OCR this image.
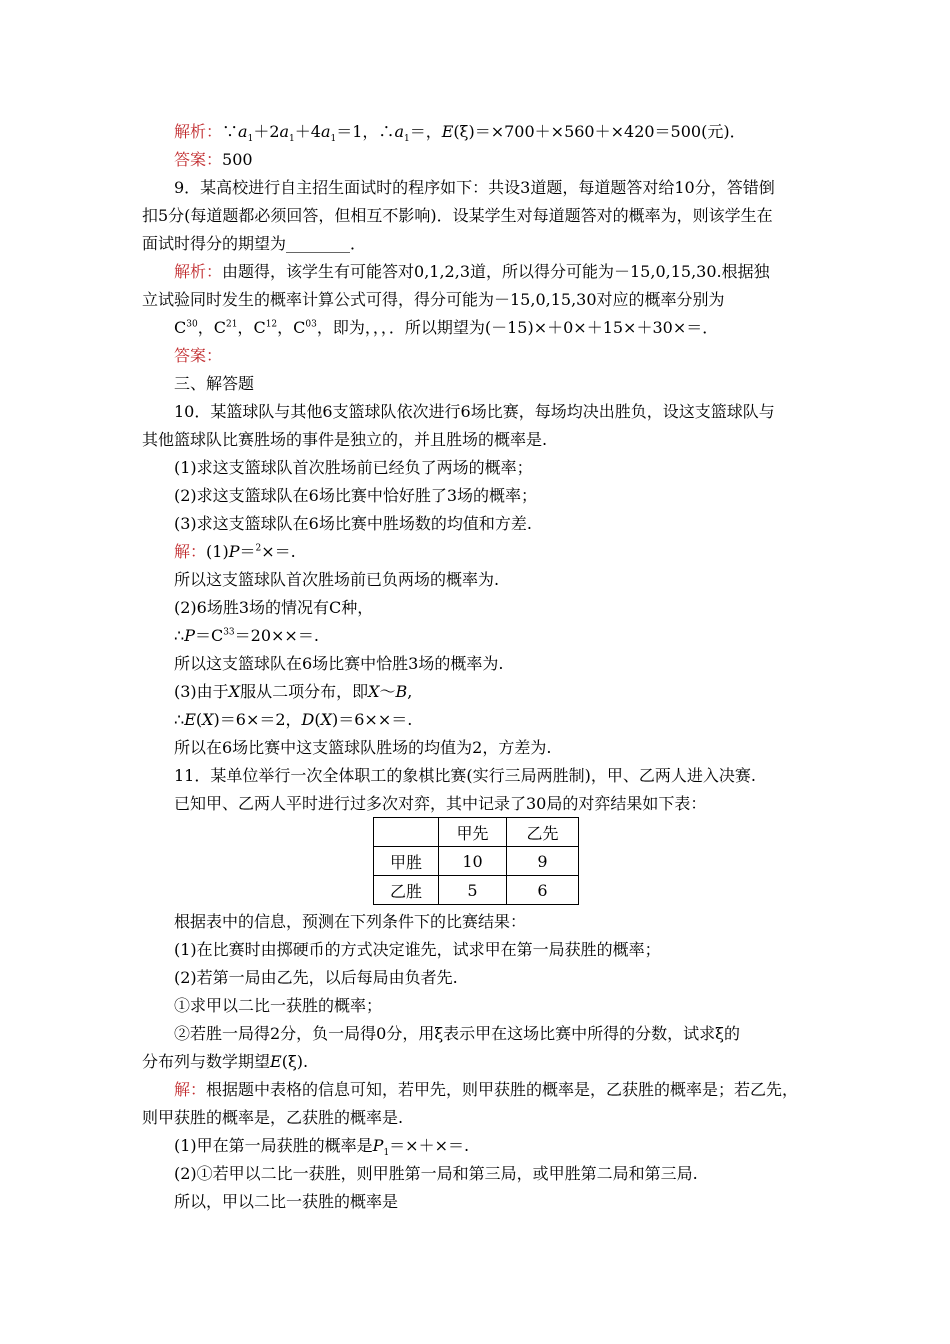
解析：$\because a_1+2a_1+4a_1=1$，$\therefore a_1=$，E(ξ)＝×700＋×560＋×420＝500(元)．
答案：500
9．某高校进行自主招生面试时的程序如下：共设3道题，每道题答对给10分，答错倒
扣5分(每道题都必须回答，但相互不影响)．设某学生对每道题答对的概率为，则该学生在
面试时得分的期望为________．
解析：由题得，该学生有可能答对0,1,2,3道，所以得分可能为－15,0,15,30.根据独
立试验同时发生的概率计算公式可得，得分可能为－15,0,15,30对应的概率分别为
$C^{30}$，$C^{21}$，$C^{12}$，$C^{03}$，即为，，，．所以期望为(－15)×＋0×＋15×＋30×＝．
答案：
三、解答题
10．某篮球队与其他6支篮球队依次进行6场比赛，每场均决出胜负，设这支篮球队与
其他篮球队比赛胜场的事件是独立的，并且胜场的概率是.
(1)求这支篮球队首次胜场前已经负了两场的概率；
(2)求这支篮球队在6场比赛中恰好胜了3场的概率；
(3)求这支篮球队在6场比赛中胜场数的均值和方差.
解：(1)P＝$^2$×＝.
所以这支篮球队首次胜场前已负两场的概率为.
(2)6场胜3场的情况有C种，
$\therefore P=C^{33}=20\times\times=$.
所以这支篮球队在6场比赛中恰胜3场的概率为.
(3)由于X服从二项分布，即X～B,
∴E(X)＝6×＝2，D(X)＝6××＝.
所以在6场比赛中这支篮球队胜场的均值为2，方差为.
11．某单位举行一次全体职工的象棋比赛(实行三局两胜制)，甲、乙两人进入决赛.
已知甲、乙两人平时进行过多次对弈，其中记录了30局的对弈结果如下表：
	甲先	乙先
甲胜	10	9
乙胜	5	6
根据表中的信息，预测在下列条件下的比赛结果：
(1)在比赛时由掷硬币的方式决定谁先，试求甲在第一局获胜的概率；
(2)若第一局由乙先，以后每局由负者先.
①求甲以二比一获胜的概率；
②若胜一局得2分，负一局得0分，用ξ表示甲在这场比赛中所得的分数，试求ξ的
分布列与数学期望E(ξ).
解：根据题中表格的信息可知，若甲先，则甲获胜的概率是，乙获胜的概率是；若乙先，
则甲获胜的概率是，乙获胜的概率是.
(1)甲在第一局获胜的概率是$P_1=\times+\times=$.
(2)①若甲以二比一获胜，则甲胜第一局和第三局，或甲胜第二局和第三局.
所以，甲以二比一获胜的概率是
